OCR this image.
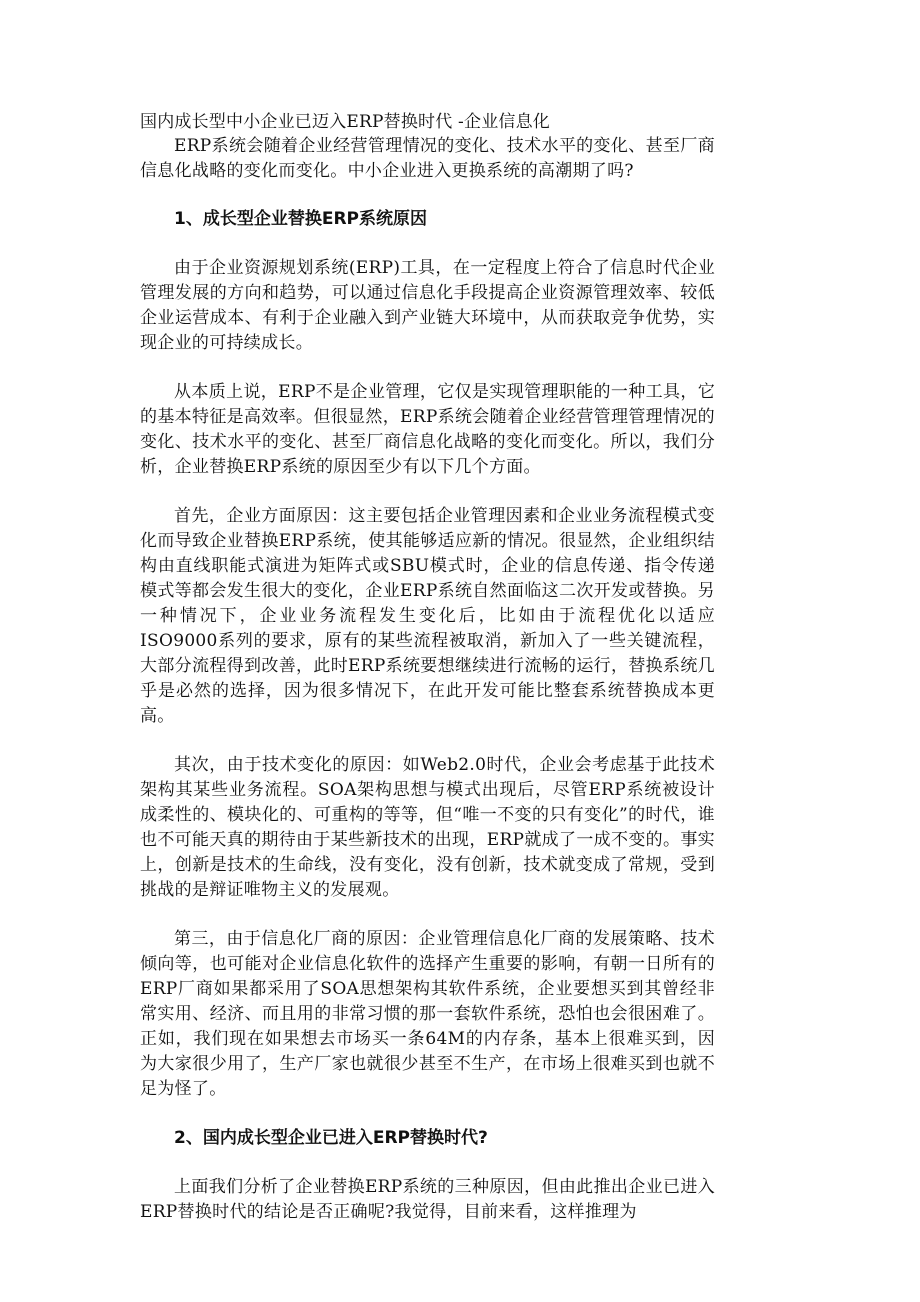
国内成长型中小企业已迈入ERP替换时代 -企业信息化

ERP系统会随着企业经营管理情况的变化、技术水平的变化、甚至厂商信息化战略的变化而变化。中小企业进入更换系统的高潮期了吗?

1、成长型企业替换ERP系统原因

由于企业资源规划系统(ERP)工具，在一定程度上符合了信息时代企业管理发展的方向和趋势，可以通过信息化手段提高企业资源管理效率、较低企业运营成本、有利于企业融入到产业链大环境中，从而获取竞争优势，实现企业的可持续成长。

从本质上说，ERP不是企业管理，它仅是实现管理职能的一种工具，它的基本特征是高效率。但很显然，ERP系统会随着企业经营管理管理情况的变化、技术水平的变化、甚至厂商信息化战略的变化而变化。所以，我们分析，企业替换ERP系统的原因至少有以下几个方面。

首先，企业方面原因：这主要包括企业管理因素和企业业务流程模式变化而导致企业替换ERP系统，使其能够适应新的情况。很显然，企业组织结构由直线职能式演进为矩阵式或SBU模式时，企业的信息传递、指令传递模式等都会发生很大的变化，企业ERP系统自然面临这二次开发或替换。另一种情况下，企业业务流程发生变化后，比如由于流程优化以适应ISO9000系列的要求，原有的某些流程被取消，新加入了一些关键流程，大部分流程得到改善，此时ERP系统要想继续进行流畅的运行，替换系统几乎是必然的选择，因为很多情况下，在此开发可能比整套系统替换成本更高。

其次，由于技术变化的原因：如Web2.0时代，企业会考虑基于此技术架构其某些业务流程。SOA架构思想与模式出现后，尽管ERP系统被设计成柔性的、模块化的、可重构的等等，但“唯一不变的只有变化”的时代，谁也不可能天真的期待由于某些新技术的出现，ERP就成了一成不变的。事实上，创新是技术的生命线，没有变化，没有创新，技术就变成了常规，受到挑战的是辩证唯物主义的发展观。

第三，由于信息化厂商的原因：企业管理信息化厂商的发展策略、技术倾向等，也可能对企业信息化软件的选择产生重要的影响，有朝一日所有的ERP厂商如果都采用了SOA思想架构其软件系统，企业要想买到其曾经非常实用、经济、而且用的非常习惯的那一套软件系统，恐怕也会很困难了。正如，我们现在如果想去市场买一条64M的内存条，基本上很难买到，因为大家很少用了，生产厂家也就很少甚至不生产，在市场上很难买到也就不足为怪了。

2、国内成长型企业已进入ERP替换时代?

上面我们分析了企业替换ERP系统的三种原因，但由此推出企业已进入ERP替换时代的结论是否正确呢?我觉得，目前来看，这样推理为
